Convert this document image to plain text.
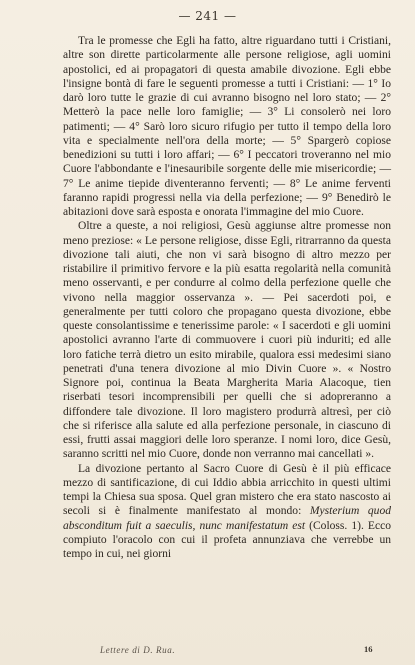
— 241 —

Tra le promesse che Egli ha fatto, altre riguardano tutti i Cristiani, altre son dirette particolarmente alle persone religiose, agli uomini apostolici, ed ai propagatori di questa amabile divozione. Egli ebbe l'insigne bontà di fare le seguenti promesse a tutti i Cristiani: — 1° Io darò loro tutte le grazie di cui avranno bisogno nel loro stato; — 2° Metterò la pace nelle loro famiglie; — 3° Li consolerò nei loro patimenti; — 4° Sarò loro sicuro rifugio per tutto il tempo della loro vita e specialmente nell'ora della morte; — 5° Spargerò copiose benedizioni su tutti i loro affari; — 6° I peccatori troveranno nel mio Cuore l'abbondante e l'inesauribile sorgente delle mie misericordie; — 7° Le anime tiepide diventeranno ferventi; — 8° Le anime ferventi faranno rapidi progressi nella via della perfezione; — 9° Benedirò le abitazioni dove sarà esposta e onorata l'immagine del mio Cuore.

Oltre a queste, a noi religiosi, Gesù aggiunse altre promesse non meno preziose: « Le persone religiose, disse Egli, ritrarranno da questa divozione tali aiuti, che non vi sarà bisogno di altro mezzo per ristabilire il primitivo fervore e la più esatta regolarità nella comunità meno osservanti, e per condurre al colmo della perfezione quelle che vivono nella maggior osservanza ». — Pei sacerdoti poi, e generalmente per tutti coloro che propagano questa divozione, ebbe queste consolantissime e tenerissime parole: « I sacerdoti e gli uomini apostolici avranno l'arte di commuovere i cuori più induriti; ed alle loro fatiche terrà dietro un esito mirabile, qualora essi medesimi siano penetrati d'una tenera divozione al mio Divin Cuore ». « Nostro Signore poi, continua la Beata Margherita Maria Alacoque, tien riserbati tesori incomprensibili per quelli che si adopreranno a diffondere tale divozione. Il loro magistero produrrà altresì, per ciò che si riferisce alla salute ed alla perfezione personale, in ciascuno di essi, frutti assai maggiori delle loro speranze. I nomi loro, dice Gesù, saranno scritti nel mio Cuore, donde non verranno mai cancellati ».

La divozione pertanto al Sacro Cuore di Gesù è il più efficace mezzo di santificazione, di cui Iddio abbia arricchito in questi ultimi tempi la Chiesa sua sposa. Quel gran mistero che era stato nascosto ai secoli si è finalmente manifestato al mondo: Mysterium quod absconditum fuit a saeculis, nunc manifestatum est (Coloss. 1). Ecco compiuto l'oracolo con cui il profeta annunziava che verrebbe un tempo in cui, nei giorni

Lettere di D. Rua.	16
